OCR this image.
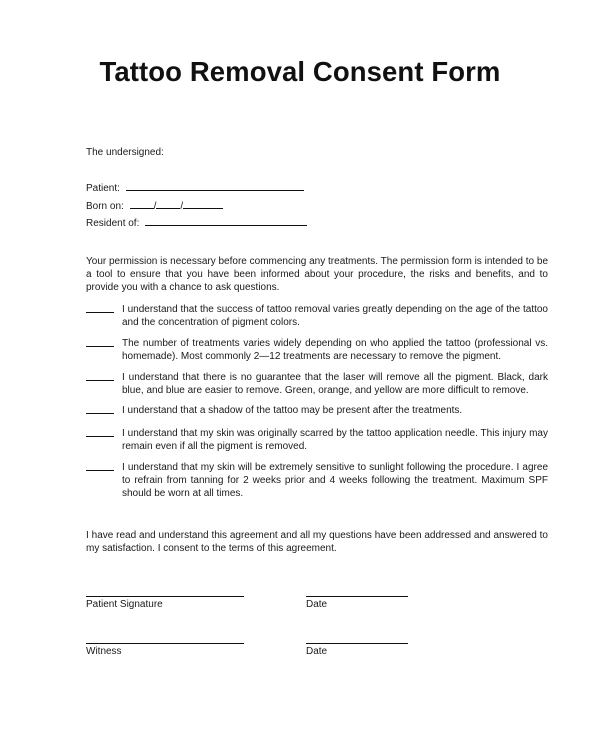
Tattoo Removal Consent Form
The undersigned:
Patient:
Born on:	/ /
Resident of:
Your permission is necessary before commencing any treatments. The permission form is intended to be a tool to ensure that you have been informed about your procedure, the risks and benefits, and to provide you with a chance to ask questions.
I understand that the success of tattoo removal varies greatly depending on the age of the tattoo and the concentration of pigment colors.
The number of treatments varies widely depending on who applied the tattoo (professional vs. homemade). Most commonly 2—12 treatments are necessary to remove the pigment.
I understand that there is no guarantee that the laser will remove all the pigment. Black, dark blue, and blue are easier to remove. Green, orange, and yellow are more difficult to remove.
I understand that a shadow of the tattoo may be present after the treatments.
I understand that my skin was originally scarred by the tattoo application needle. This injury may remain even if all the pigment is removed.
I understand that my skin will be extremely sensitive to sunlight following the procedure. I agree to refrain from tanning for 2 weeks prior and 4 weeks following the treatment. Maximum SPF should be worn at all times.
I have read and understand this agreement and all my questions have been addressed and answered to my satisfaction. I consent to the terms of this agreement.
Patient Signature	Date
Witness	Date
